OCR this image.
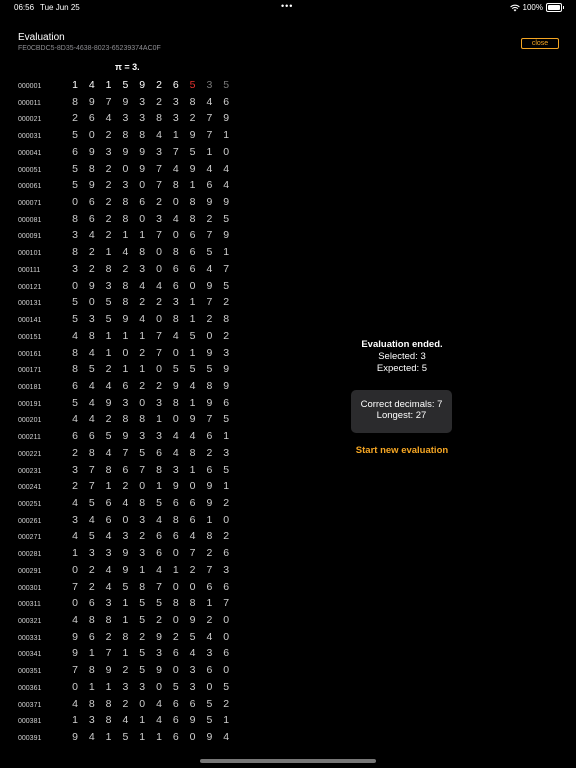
06:56 Tue Jun 25	•••	100%
Evaluation
FE0CBDC5-8D35-4638-8023-65239374AC0F
close
π = 3.
000001	1 4 1 5 9 2 6 5 3 5
000011	8 9 7 9 3 2 3 8 4 6
000021	2 6 4 3 3 8 3 2 7 9
000031	5 0 2 8 8 4 1 9 7 1
000041	6 9 3 9 9 3 7 5 1 0
000051	5 8 2 0 9 7 4 9 4 4
000061	5 9 2 3 0 7 8 1 6 4
000071	0 6 2 8 6 2 0 8 9 9
000081	8 6 2 8 0 3 4 8 2 5
000091	3 4 2 1 1 7 0 6 7 9
000101	8 2 1 4 8 0 8 6 5 1
000111	3 2 8 2 3 0 6 6 4 7
000121	0 9 3 8 4 4 6 0 9 5
000131	5 0 5 8 2 2 3 1 7 2
000141	5 3 5 9 4 0 8 1 2 8
000151	4 8 1 1 1 7 4 5 0 2
000161	8 4 1 0 2 7 0 1 9 3
000171	8 5 2 1 1 0 5 5 5 9
000181	6 4 4 6 2 2 9 4 8 9
000191	5 4 9 3 0 3 8 1 9 6
000201	4 4 2 8 8 1 0 9 7 5
000211	6 6 5 9 3 3 4 4 6 1
000221	2 8 4 7 5 6 4 8 2 3
000231	3 7 8 6 7 8 3 1 6 5
000241	2 7 1 2 0 1 9 0 9 1
000251	4 5 6 4 8 5 6 6 9 2
000261	3 4 6 0 3 4 8 6 1 0
000271	4 5 4 3 2 6 6 4 8 2
000281	1 3 3 9 3 6 0 7 2 6
000291	0 2 4 9 1 4 1 2 7 3
000301	7 2 4 5 8 7 0 0 6 6
000311	0 6 3 1 5 5 8 8 1 7
000321	4 8 8 1 5 2 0 9 2 0
000331	9 6 2 8 2 9 2 5 4 0
000341	9 1 7 1 5 3 6 4 3 6
000351	7 8 9 2 5 9 0 3 6 0
000361	0 1 1 3 3 0 5 3 0 5
000371	4 8 8 2 0 4 6 6 5 2
000381	1 3 8 4 1 4 6 9 5 1
000391	9 4 1 5 1 1 6 0 9 4
Evaluation ended.
Selected: 3
Expected: 5
Correct decimals: 7
Longest: 27
Start new evaluation
